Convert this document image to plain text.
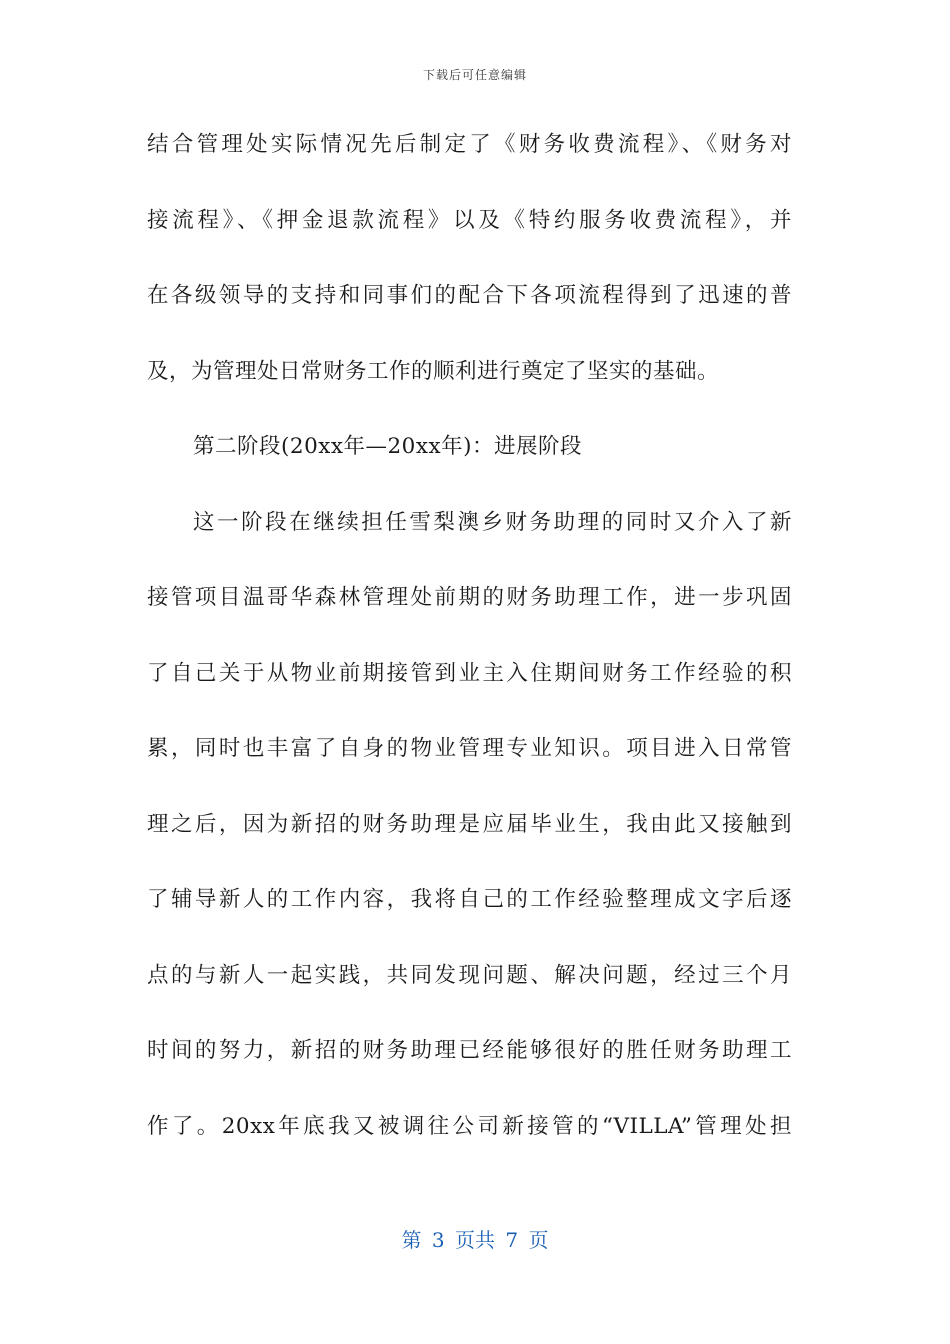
下载后可任意编辑
结合管理处实际情况先后制定了《财务收费流程》、《财务对
接流程》、《押金退款流程》以及《特约服务收费流程》，并
在各级领导的支持和同事们的配合下各项流程得到了迅速的普
及，为管理处日常财务工作的顺利进行奠定了坚实的基础。
第二阶段(20xx年—20xx年)：进展阶段
这一阶段在继续担任雪梨澳乡财务助理的同时又介入了新
接管项目温哥华森林管理处前期的财务助理工作，进一步巩固
了自己关于从物业前期接管到业主入住期间财务工作经验的积
累，同时也丰富了自身的物业管理专业知识。项目进入日常管
理之后，因为新招的财务助理是应届毕业生，我由此又接触到
了辅导新人的工作内容，我将自己的工作经验整理成文字后逐
点的与新人一起实践，共同发现问题、解决问题，经过三个月
时间的努力，新招的财务助理已经能够很好的胜任财务助理工
作了。20xx年底我又被调往公司新接管的“VILLA”管理处担
第 3 页共 7 页
